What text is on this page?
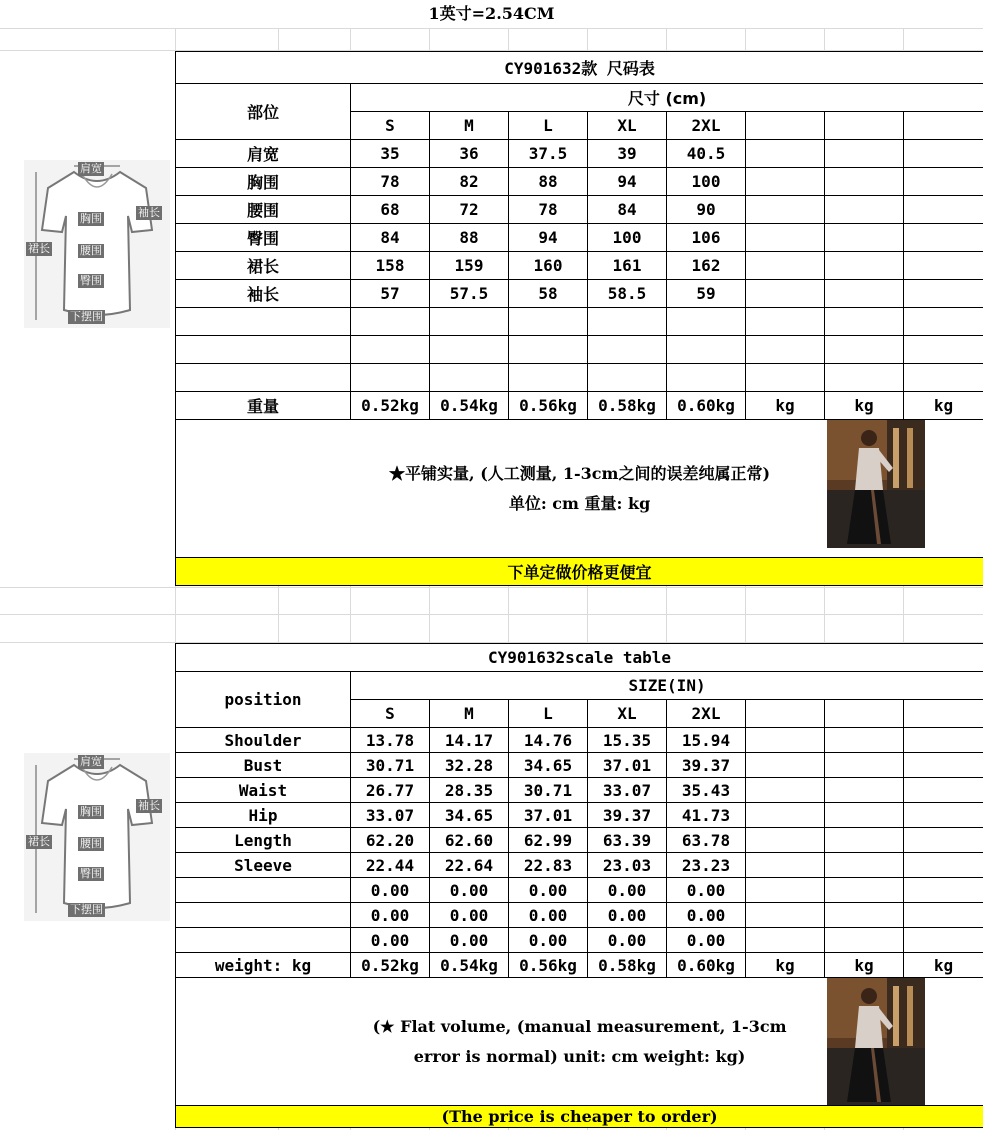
1英寸=2.54CM
CY901632款 尺码表								
部位	尺寸 (cm)							
	S	M	L	XL	2XL			
肩宽	35	36	37.5	39	40.5			
胸围	78	82	88	94	100			
腰围	68	72	78	84	90			
臀围	84	88	94	100	106			
裙长	158	159	160	161	162			
袖长	57	57.5	58	58.5	59			

重量	0.52kg	0.54kg	0.56kg	0.58kg	0.60kg	kg	kg	kg

★平铺实量, (人工测量, 1-3cm之间的误差纯属正常)
单位: cm 重量: kg								

下单定做价格更便宜								
CY901632scale table								
position	SIZE(IN)							
	S	M	L	XL	2XL			
Shoulder	13.78	14.17	14.76	15.35	15.94			
Bust	30.71	32.28	34.65	37.01	39.37			
Waist	26.77	28.35	30.71	33.07	35.43			
Hip	33.07	34.65	37.01	39.37	41.73			
Length	62.20	62.60	62.99	63.39	63.78			
Sleeve	22.44	22.64	22.83	23.03	23.23			
	0.00	0.00	0.00	0.00	0.00			
	0.00	0.00	0.00	0.00	0.00			
	0.00	0.00	0.00	0.00	0.00			
weight: kg	0.52kg	0.54kg	0.56kg	0.58kg	0.60kg	kg	kg	kg

(★ Flat volume, (manual measurement, 1-3cm
error is normal) unit: cm weight: kg)								

(The price is cheaper to order)								
肩宽
胸围	袖长
裙长	腰围
臀围
下摆围
肩宽
胸围	袖长
裙长	腰围
臀围
下摆围
